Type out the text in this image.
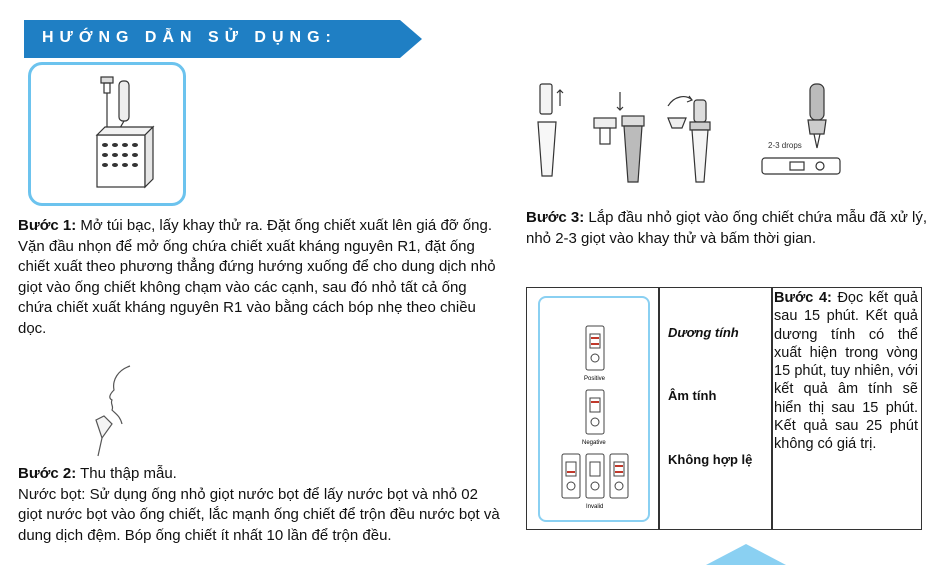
HƯỚNG DẪN SỬ DỤNG:
Bước 1: Mở túi bạc, lấy khay thử ra. Đặt ống chiết xuất lên giá đỡ ống. Vặn đầu nhọn để mở ống chứa chiết xuất kháng nguyên R1, đặt ống chiết xuất theo phương thẳng đứng hướng xuống để cho dung dịch nhỏ giọt vào ống chiết không chạm vào các cạnh, sau đó nhỏ tất cả ống chứa chiết xuất kháng nguyên R1 vào bằng cách bóp nhẹ theo chiều dọc.
Bước 2: Thu thập mẫu.
Nước bọt: Sử dụng ống nhỏ giọt nước bọt để lấy nước bọt và nhỏ 02 giọt nước bọt vào ống chiết, lắc mạnh ống chiết để trộn đều nước bọt và dung dịch đệm. Bóp ống chiết ít nhất 10 lần để trộn đều.
2-3 drops
Bước 3: Lắp đầu nhỏ giọt vào ống chiết chứa mẫu đã xử lý, nhỏ 2-3 giọt vào khay thử và bấm thời gian.
Positive
Negative
Invalid
Dương tính
Âm tính
Không hợp lệ
Bước 4: Đọc kết quả sau 15 phút. Kết quả dương tính có thể xuất hiện trong vòng 15 phút, tuy nhiên, với kết quả âm tính sẽ hiển thị sau 15 phút. Kết quả sau 25 phút không có giá trị.
